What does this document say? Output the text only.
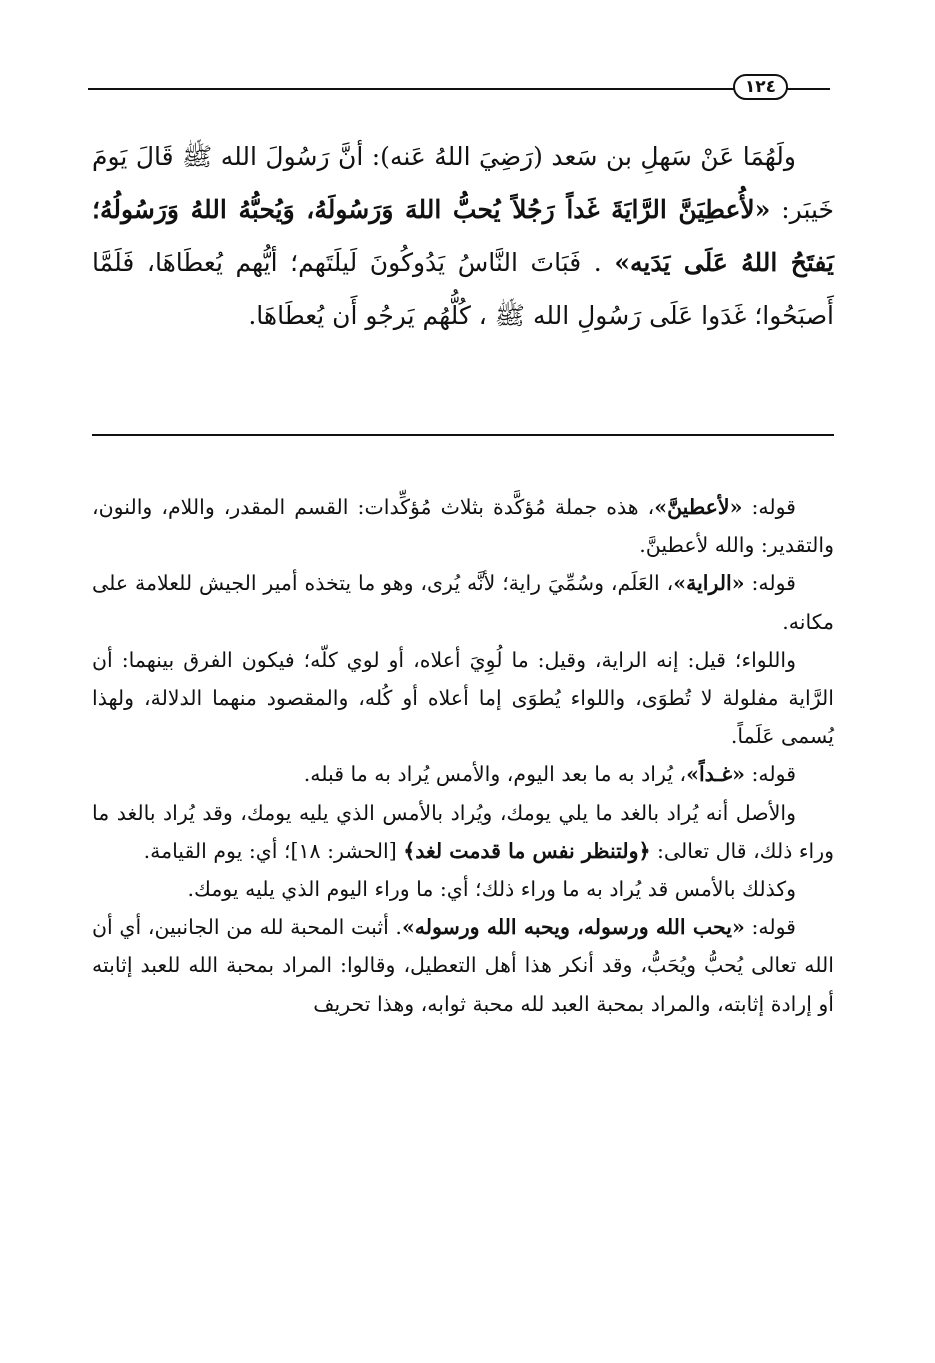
١٢٤

ولَهُمَا عَنْ سَهلِ بن سَعد (رَضِيَ اللهُ عَنه): أنَّ رَسُولَ الله ﷺ قَالَ يَومَ خَيبَر: «لأُعطِيَنَّ الرَّايَةَ غَداً رَجُلاً يُحبُّ اللهَ وَرَسُولَهُ، وَيُحبُّهُ اللهُ وَرَسُولُهُ؛ يَفتَحُ اللهُ عَلَى يَدَيه» . فَبَاتَ النَّاسُ يَدُوكُونَ لَيلَتَهم؛ أيُّهم يُعطَاهَا، فَلَمَّا أَصبَحُوا؛ غَدَوا عَلَى رَسُولِ الله ﷺ ، كُلُّهُم يَرجُو أَن يُعطَاهَا.

قوله: «لأعطينَّ»، هذه جملة مُؤكَّدة بثلاث مُؤكِّدات: القسم المقدر، واللام، والنون، والتقدير: والله لأعطينَّ.

قوله: «الراية»، العَلَم، وسُمِّيَ راية؛ لأنَّه يُرى، وهو ما يتخذه أمير الجيش للعلامة على مكانه.

واللواء؛ قيل: إنه الراية، وقيل: ما لُوِيَ أعلاه، أو لوي كلّه؛ فيكون الفرق بينهما: أن الرَّاية مفلولة لا تُطوَى، واللواء يُطوَى إما أعلاه أو كُله، والمقصود منهما الدلالة، ولهذا يُسمى عَلَماً.

قوله: «غـداً»، يُراد به ما بعد اليوم، والأمس يُراد به ما قبله.

والأصل أنه يُراد بالغد ما يلي يومك، ويُراد بالأمس الذي يليه يومك، وقد يُراد بالغد ما وراء ذلك، قال تعالى: ﴿ولتنظر نفس ما قدمت لغد﴾ [الحشر: ١٨]؛ أي: يوم القيامة.

وكذلك بالأمس قد يُراد به ما وراء ذلك؛ أي: ما وراء اليوم الذي يليه يومك.

قوله: «يحب الله ورسوله، ويحبه الله ورسوله». أثبت المحبة لله من الجانبين، أي أن الله تعالى يُحبُّ ويُحَبُّ، وقد أنكر هذا أهل التعطيل، وقالوا: المراد بمحبة الله للعبد إثابته أو إرادة إثابته، والمراد بمحبة العبد لله محبة ثوابه، وهذا تحريف
